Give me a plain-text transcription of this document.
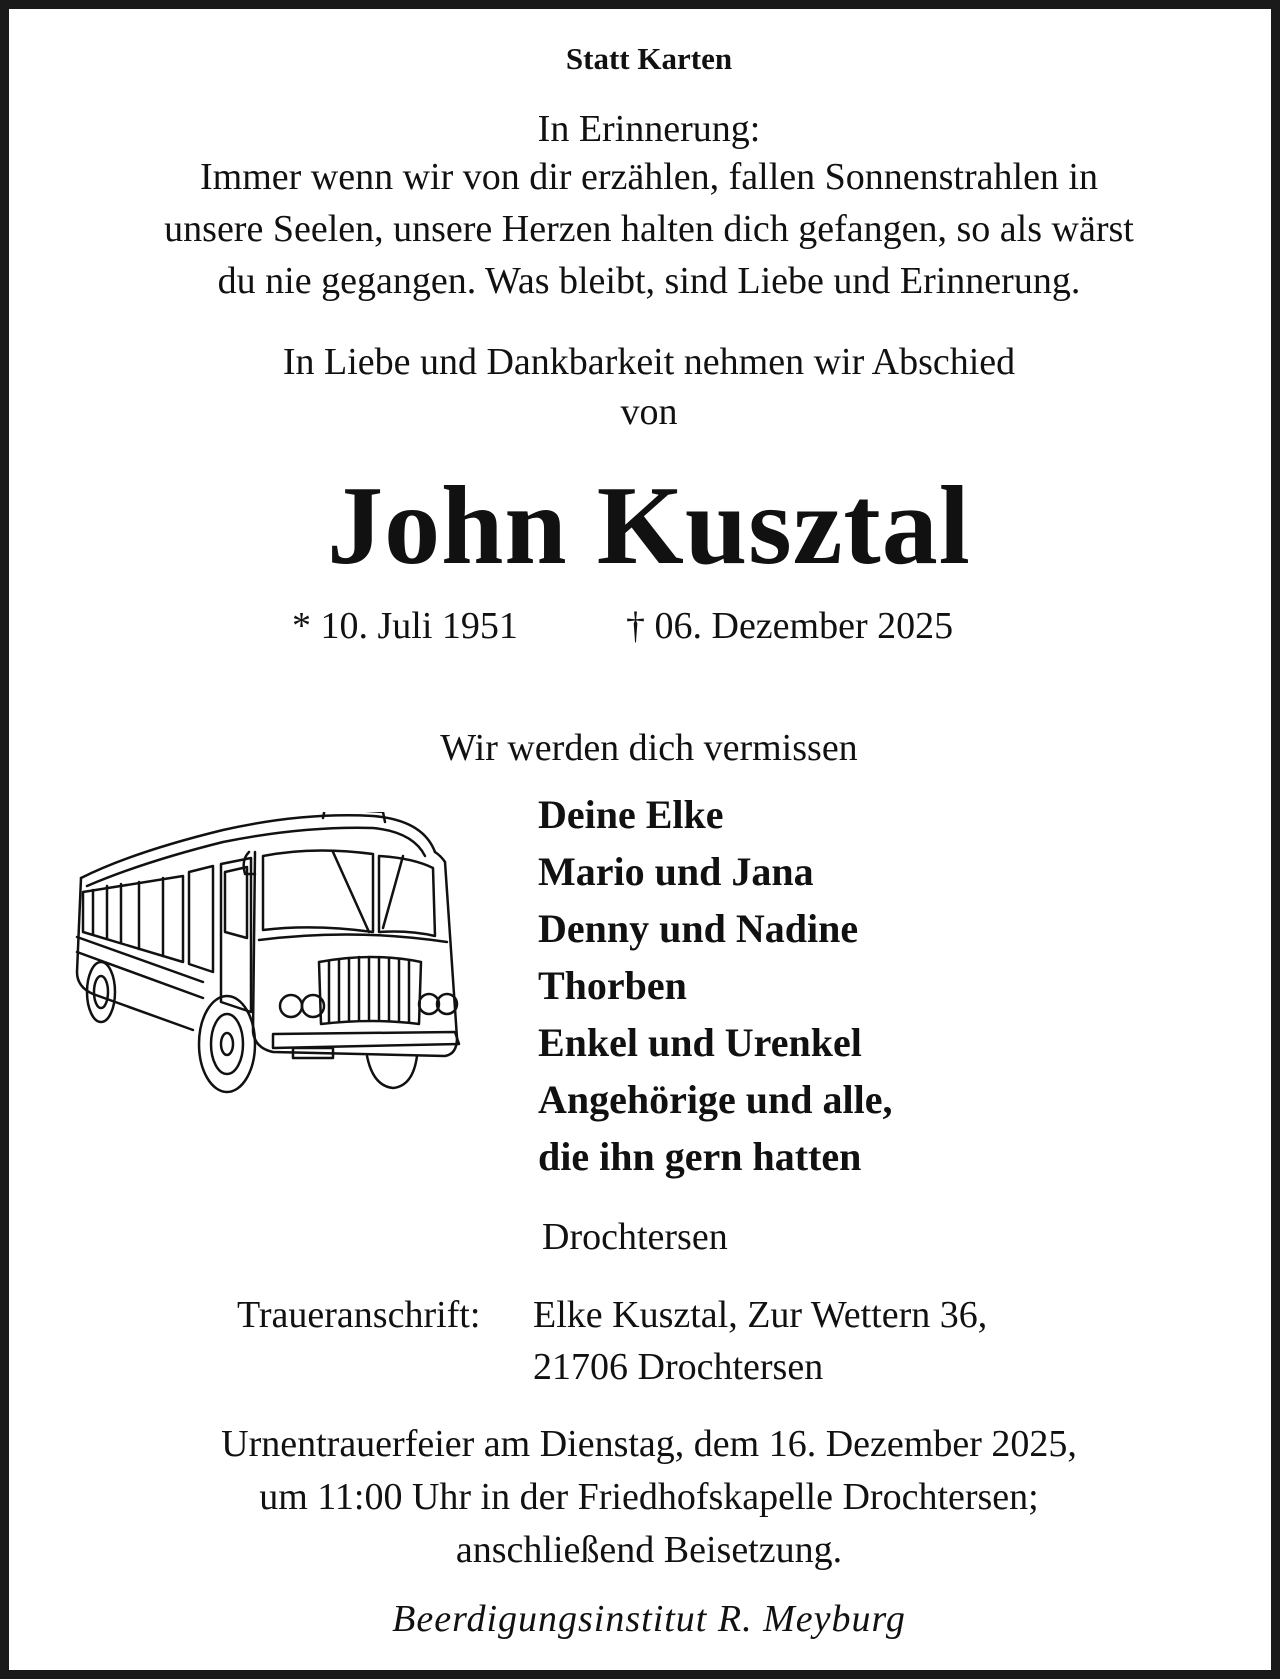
Statt Karten
In Erinnerung:
Immer wenn wir von dir erzählen, fallen Sonnenstrahlen in
unsere Seelen, unsere Herzen halten dich gefangen, so als wärst
du nie gegangen. Was bleibt, sind Liebe und Erinnerung.
In Liebe und Dankbarkeit nehmen wir Abschied
von
John Kusztal
* 10. Juli 1951	† 06. Dezember 2025
Wir werden dich vermissen
Deine Elke
Mario und Jana
Denny und Nadine
Thorben
Enkel und Urenkel
Angehörige und alle,
die ihn gern hatten
Drochtersen
Traueranschrift: Elke Kusztal, Zur Wettern 36,
21706 Drochtersen
Urnentrauerfeier am Dienstag, dem 16. Dezember 2025,
um 11:00 Uhr in der Friedhofskapelle Drochtersen;
anschließend Beisetzung.
Beerdigungsinstitut R. Meyburg
